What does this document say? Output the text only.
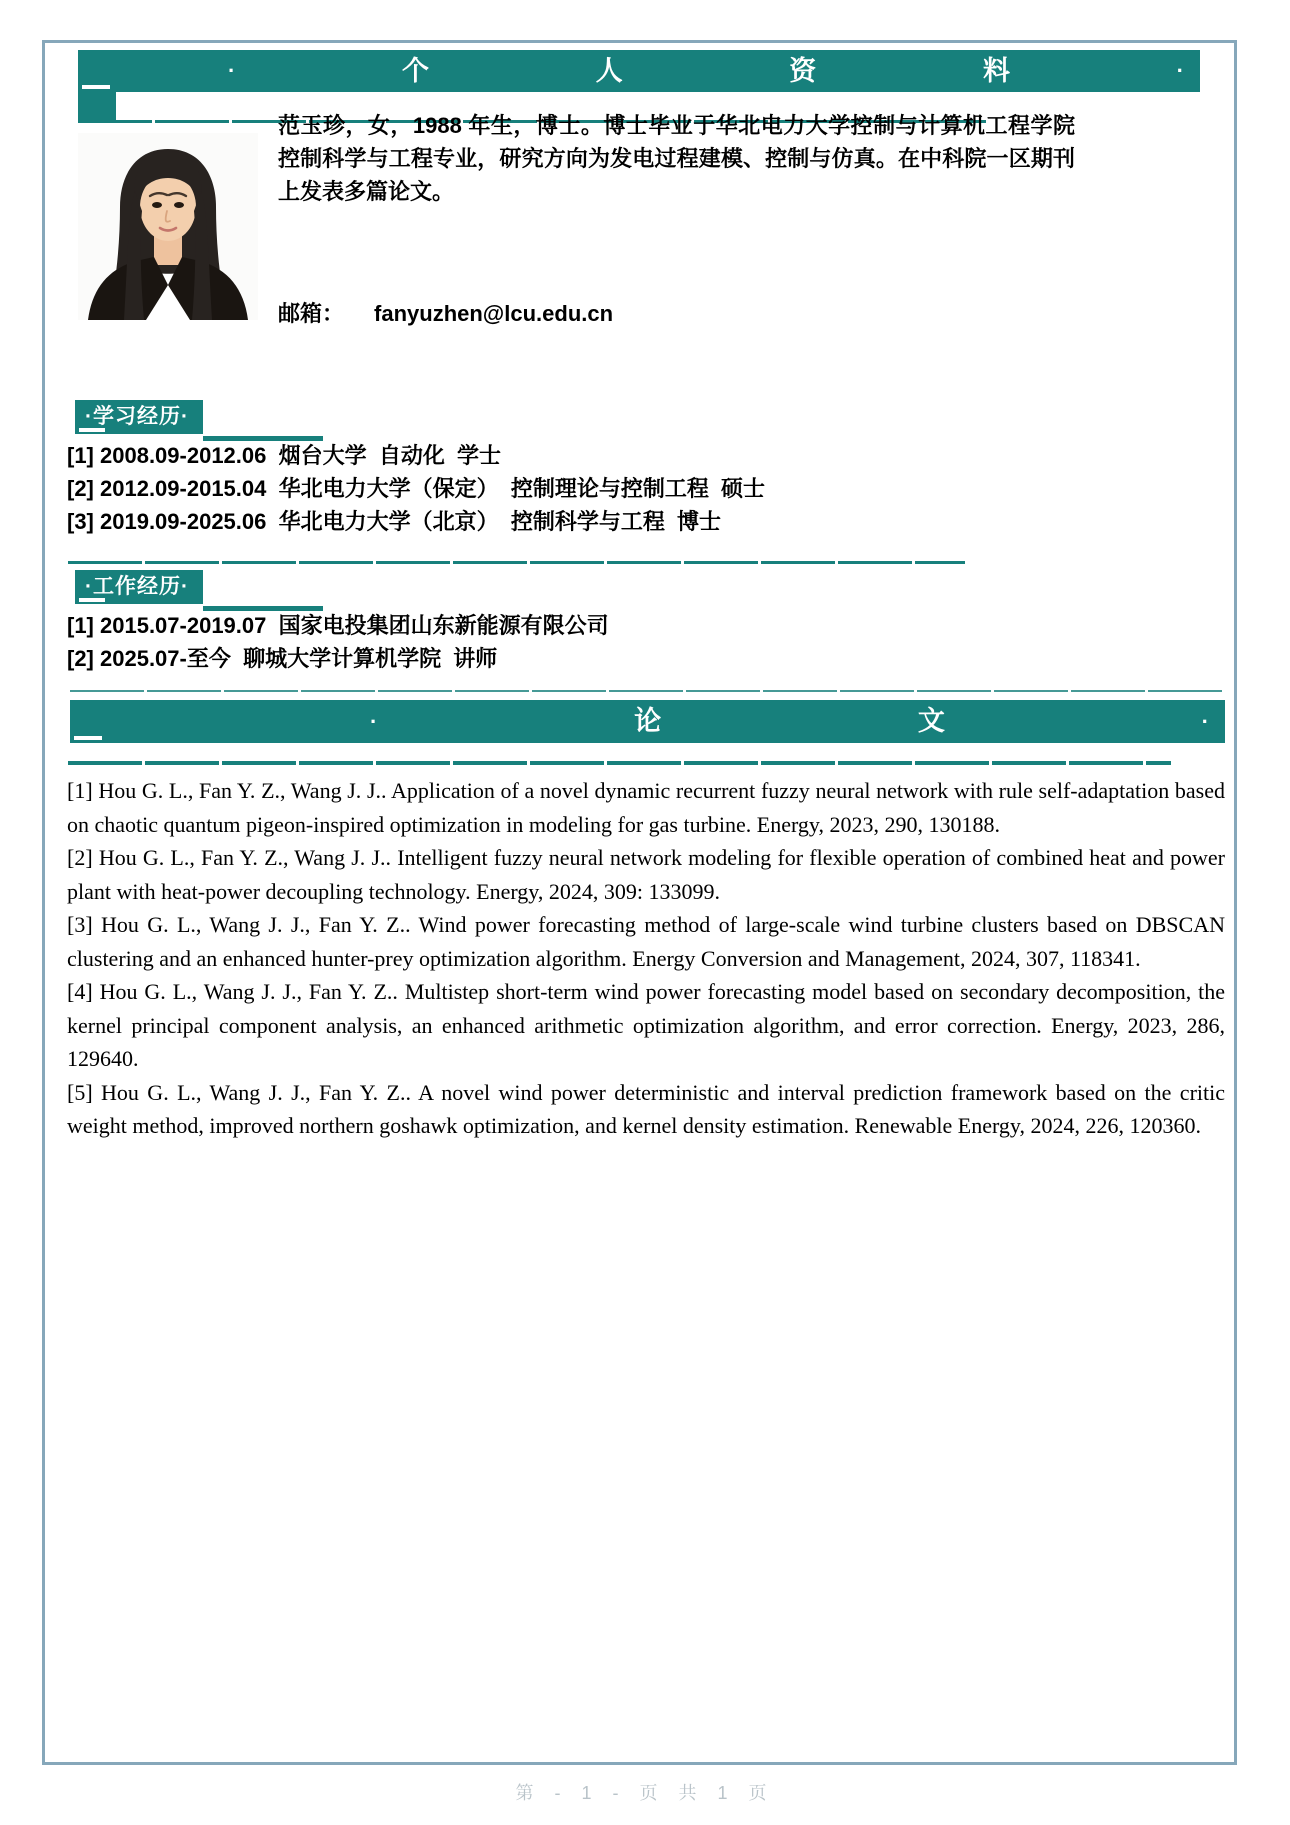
·	个	人	资	料	·

范玉珍，女，1988 年生，博士。博士毕业于华北电力大学控制与计算机工程学院控制科学与工程专业，研究方向为发电过程建模、控制与仿真。在中科院一区期刊上发表多篇论文。

邮箱： fanyuzhen@lcu.edu.cn

·学习经历·

[1] 2008.09-2012.06  烟台大学  自动化  学士

[2] 2012.09-2015.04  华北电力大学（保定）  控制理论与控制工程  硕士

[3] 2019.09-2025.06  华北电力大学（北京）  控制科学与工程  博士

·工作经历·

[1] 2015.07-2019.07  国家电投集团山东新能源有限公司

[2] 2025.07-至今  聊城大学计算机学院  讲师

·	论	文	·

[1] Hou G. L., Fan Y. Z., Wang J. J.. Application of a novel dynamic recurrent fuzzy neural network with rule self-adaptation based on chaotic quantum pigeon-inspired optimization in modeling for gas turbine. Energy, 2023, 290, 130188.

[2] Hou G. L., Fan Y. Z., Wang J. J.. Intelligent fuzzy neural network modeling for flexible operation of combined heat and power plant with heat-power decoupling technology. Energy, 2024, 309: 133099.

[3] Hou G. L., Wang J. J., Fan Y. Z.. Wind power forecasting method of large-scale wind turbine clusters based on DBSCAN clustering and an enhanced hunter-prey optimization algorithm. Energy Conversion and Management, 2024, 307, 118341.

[4] Hou G. L., Wang J. J., Fan Y. Z.. Multistep short-term wind power forecasting model based on secondary decomposition, the kernel principal component analysis, an enhanced arithmetic optimization algorithm, and error correction. Energy, 2023, 286, 129640.

[5] Hou G. L., Wang J. J., Fan Y. Z.. A novel wind power deterministic and interval prediction framework based on the critic weight method, improved northern goshawk optimization, and kernel density estimation. Renewable Energy, 2024, 226, 120360.

第 - 1 - 页 共 1 页
